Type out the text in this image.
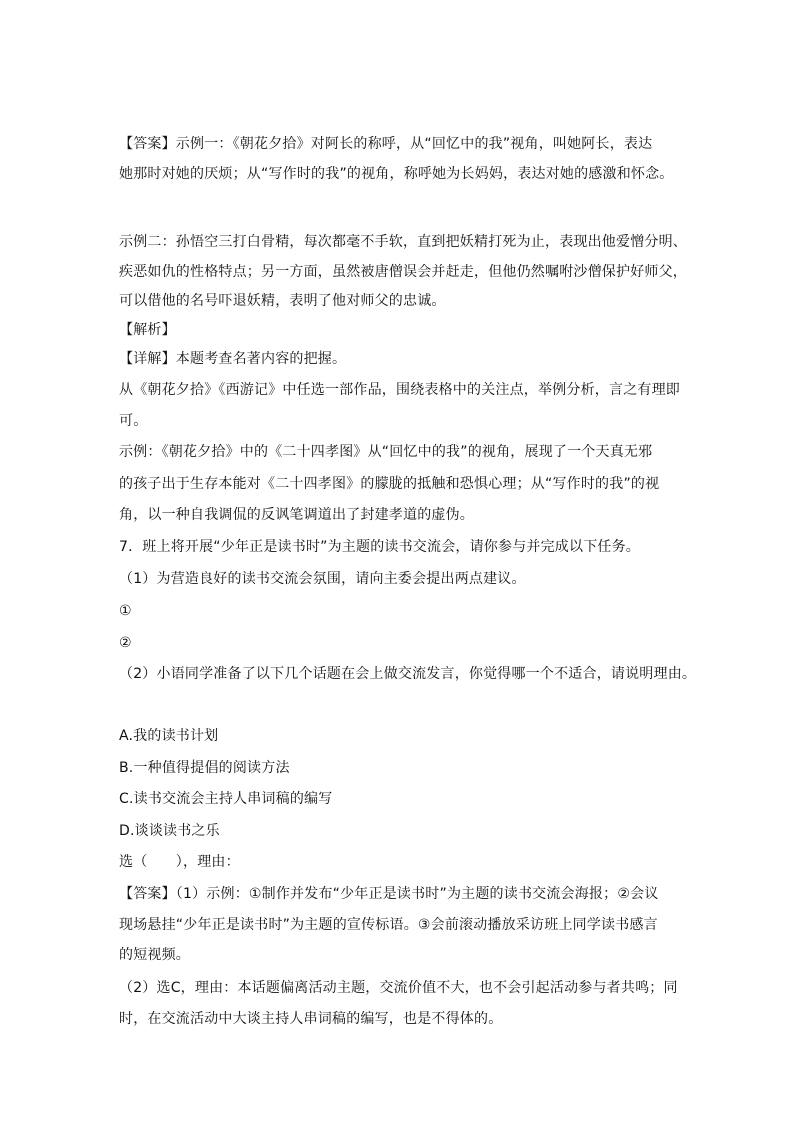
【答案】示例一：《朝花夕拾》对阿长的称呼，从“回忆中的我”视角，叫她阿长，表达
她那时对她的厌烦；从“写作时的我”的视角，称呼她为长妈妈，表达对她的感激和怀念。
示例二：孙悟空三打白骨精，每次都毫不手软，直到把妖精打死为止，表现出他爱憎分明、
疾恶如仇的性格特点；另一方面，虽然被唐僧误会并赶走，但他仍然嘱咐沙僧保护好师父，
可以借他的名号吓退妖精，表明了他对师父的忠诚。
【解析】
【详解】本题考查名著内容的把握。
从《朝花夕拾》《西游记》中任选一部作品，围绕表格中的关注点，举例分析，言之有理即
可。
示例：《朝花夕拾》中的《二十四孝图》从“回忆中的我”的视角，展现了一个天真无邪
的孩子出于生存本能对《二十四孝图》的朦胧的抵触和恐惧心理；从“写作时的我”的视
角，以一种自我调侃的反讽笔调道出了封建孝道的虚伪。
7．班上将开展“少年正是读书时”为主题的读书交流会，请你参与并完成以下任务。
（1）为营造良好的读书交流会氛围，请向主委会提出两点建议。
①
②
（2）小语同学准备了以下几个话题在会上做交流发言，你觉得哪一个不适合，请说明理由。
A.我的读书计划
B.一种值得提倡的阅读方法
C.读书交流会主持人串词稿的编写
D.谈谈读书之乐
选（　　），理由：
【答案】（1）示例：①制作并发布“少年正是读书时”为主题的读书交流会海报；②会议
现场悬挂“少年正是读书时”为主题的宣传标语。③会前滚动播放采访班上同学读书感言
的短视频。
（2）选C，理由：本话题偏离活动主题，交流价值不大，也不会引起活动参与者共鸣；同
时，在交流活动中大谈主持人串词稿的编写，也是不得体的。
